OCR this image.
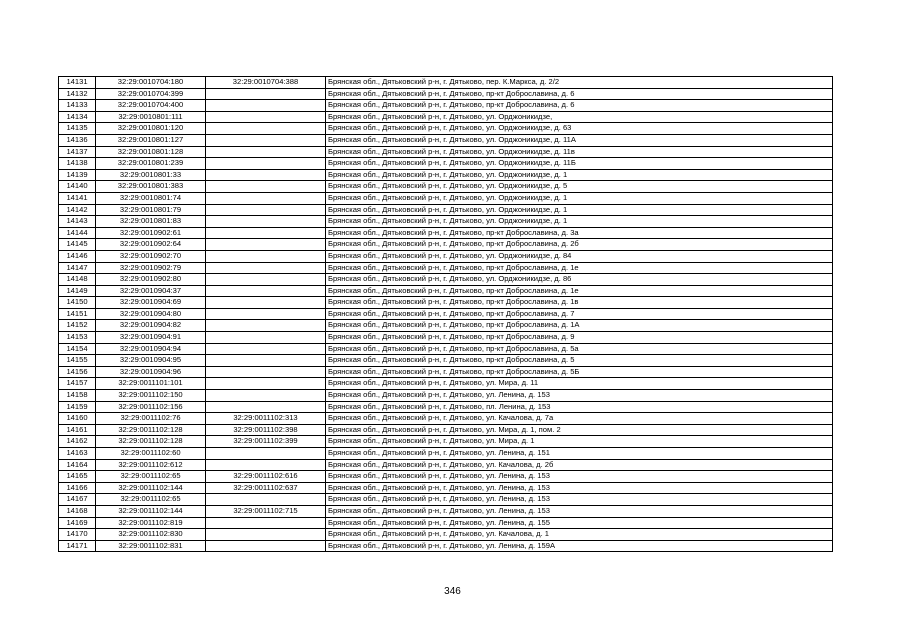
14131	32:29:0010704:180	32:29:0010704:388	Брянская обл., Дятьковский р-н, г. Дятьково, пер. К.Маркса, д. 2/2
14132	32:29:0010704:399		Брянская обл., Дятьковский р-н, г. Дятьково, пр-кт Доброславина, д. 6
14133	32:29:0010704:400		Брянская обл., Дятьковский р-н, г. Дятьково, пр-кт Доброславина, д. 6
14134	32:29:0010801:111		Брянская обл., Дятьковский р-н, г. Дятьково, ул. Орджоникидзе,
14135	32:29:0010801:120		Брянская обл., Дятьковский р-н, г. Дятьково, ул. Орджоникидзе, д. 63
14136	32:29:0010801:127		Брянская обл., Дятьковский р-н, г. Дятьково, ул. Орджоникидзе, д. 11А
14137	32:29:0010801:128		Брянская обл., Дятьковский р-н, г. Дятьково, ул. Орджоникидзе, д. 11в
14138	32:29:0010801:239		Брянская обл., Дятьковский р-н, г. Дятьково, ул. Орджоникидзе, д. 11Б
14139	32:29:0010801:33		Брянская обл., Дятьковский р-н, г. Дятьково, ул. Орджоникидзе, д. 1
14140	32:29:0010801:383		Брянская обл., Дятьковский р-н, г. Дятьково, ул. Орджоникидзе, д. 5
14141	32:29:0010801:74		Брянская обл., Дятьковский р-н, г. Дятьково, ул. Орджоникидзе, д. 1
14142	32:29:0010801:79		Брянская обл., Дятьковский р-н, г. Дятьково, ул. Орджоникидзе, д. 1
14143	32:29:0010801:83		Брянская обл., Дятьковский р-н, г. Дятьково, ул. Орджоникидзе, д. 1
14144	32:29:0010902:61		Брянская обл., Дятьковский р-н, г. Дятьково, пр-кт Доброславина, д. 3а
14145	32:29:0010902:64		Брянская обл., Дятьковский р-н, г. Дятьково, пр-кт Доброславина, д. 2б
14146	32:29:0010902:70		Брянская обл., Дятьковский р-н, г. Дятьково, ул. Орджоникидзе, д. 84
14147	32:29:0010902:79		Брянская обл., Дятьковский р-н, г. Дятьково, пр-кт Доброславина, д. 1е
14148	32:29:0010902:80		Брянская обл., Дятьковский р-н, г. Дятьково, ул. Орджоникидзе, д. 86
14149	32:29:0010904:37		Брянская обл., Дятьковский р-н, г. Дятьково, пр-кт Доброславина, д. 1е
14150	32:29:0010904:69		Брянская обл., Дятьковский р-н, г. Дятьково, пр-кт Доброславина, д. 1в
14151	32:29:0010904:80		Брянская обл., Дятьковский р-н, г. Дятьково, пр-кт Доброславина, д. 7
14152	32:29:0010904:82		Брянская обл., Дятьковский р-н, г. Дятьково, пр-кт Доброславина, д. 1А
14153	32:29:0010904:91		Брянская обл., Дятьковский р-н, г. Дятьково, пр-кт Доброславина, д. 9
14154	32:29:0010904:94		Брянская обл., Дятьковский р-н, г. Дятьково, пр-кт Доброславина, д. 5а
14155	32:29:0010904:95		Брянская обл., Дятьковский р-н, г. Дятьково, пр-кт Доброславина, д. 5
14156	32:29:0010904:96		Брянская обл., Дятьковский р-н, г. Дятьково, пр-кт Доброславина, д. 5Б
14157	32:29:0011101:101		Брянская обл., Дятьковский р-н, г. Дятьково, ул. Мира, д. 11
14158	32:29:0011102:150		Брянская обл., Дятьковский р-н, г. Дятьково, ул. Ленина, д. 153
14159	32:29:0011102:156		Брянская обл., Дятьковский р-н, г. Дятьково, пл. Ленина, д. 153
14160	32:29:0011102:76	32:29:0011102:313	Брянская обл., Дятьковский р-н, г. Дятьково, ул. Качалова, д. 7а
14161	32:29:0011102:128	32:29:0011102:398	Брянская обл., Дятьковский р-н, г. Дятьково, ул. Мира, д. 1, пом. 2
14162	32:29:0011102:128	32:29:0011102:399	Брянская обл., Дятьковский р-н, г. Дятьково, ул. Мира, д. 1
14163	32:29:0011102:60		Брянская обл., Дятьковский р-н, г. Дятьково, ул. Ленина, д. 151
14164	32:29:0011102:612		Брянская обл., Дятьковский р-н, г. Дятьково, ул. Качалова, д. 2б
14165	32:29:0011102:65	32:29:0011102:616	Брянская обл., Дятьковский р-н, г. Дятьково, ул. Ленина, д. 153
14166	32:29:0011102:144	32:29:0011102:637	Брянская обл., Дятьковский р-н, г. Дятьково, ул. Ленина, д. 153
14167	32:29:0011102:65		Брянская обл., Дятьковский р-н, г. Дятьково, ул. Ленина, д. 153
14168	32:29:0011102:144	32:29:0011102:715	Брянская обл., Дятьковский р-н, г. Дятьково, ул. Ленина, д. 153
14169	32:29:0011102:819		Брянская обл., Дятьковский р-н, г. Дятьково, ул. Ленина, д. 155
14170	32:29:0011102:830		Брянская обл., Дятьковский р-н, г. Дятьково, ул. Качалова, д. 1
14171	32:29:0011102:831		Брянская обл., Дятьковский р-н, г. Дятьково, ул. Ленина, д. 159А
346
